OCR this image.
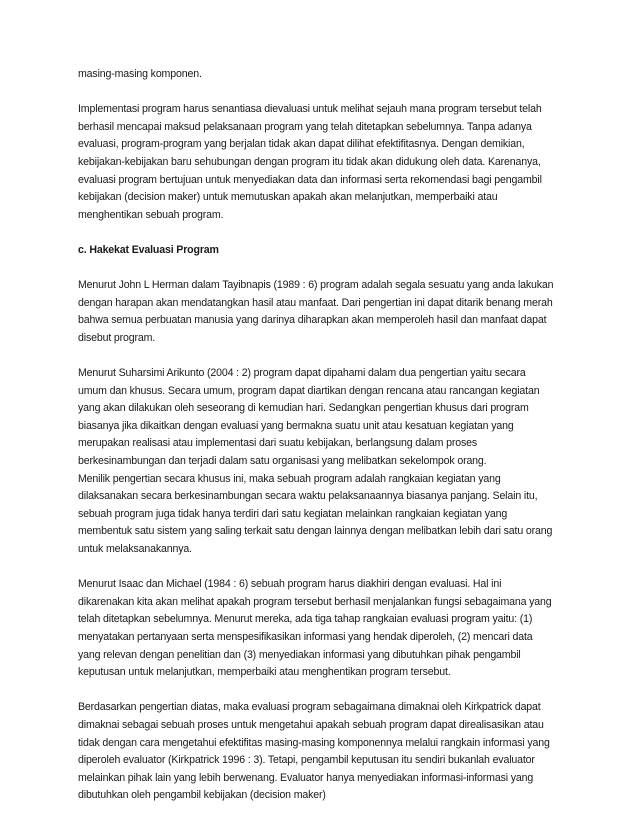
masing-masing komponen.

Implementasi program harus senantiasa dievaluasi untuk melihat sejauh mana program tersebut telah
berhasil mencapai maksud pelaksanaan program yang telah ditetapkan sebelumnya. Tanpa adanya
evaluasi, program-program yang berjalan tidak akan dapat dilihat efektifitasnya. Dengan demikian,
kebijakan-kebijakan baru sehubungan dengan program itu tidak akan didukung oleh data. Karenanya,
evaluasi program bertujuan untuk menyediakan data dan informasi serta rekomendasi bagi pengambil
kebijakan (decision maker) untuk memutuskan apakah akan melanjutkan, memperbaiki atau
menghentikan sebuah program.

c. Hakekat Evaluasi Program

Menurut John L Herman dalam Tayibnapis (1989 : 6) program adalah segala sesuatu yang anda lakukan
dengan harapan akan mendatangkan hasil atau manfaat. Dari pengertian ini dapat ditarik benang merah
bahwa semua perbuatan manusia yang darinya diharapkan akan memperoleh hasil dan manfaat dapat
disebut program.

Menurut Suharsimi Arikunto (2004 : 2) program dapat dipahami dalam dua pengertian yaitu secara
umum dan khusus. Secara umum, program dapat diartikan dengan rencana atau rancangan kegiatan
yang akan dilakukan oleh seseorang di kemudian hari. Sedangkan pengertian khusus dari program
biasanya jika dikaitkan dengan evaluasi yang bermakna suatu unit atau kesatuan kegiatan yang
merupakan realisasi atau implementasi dari suatu kebijakan, berlangsung dalam proses
berkesinambungan dan terjadi dalam satu organisasi yang melibatkan sekelompok orang.

Menilik pengertian secara khusus ini, maka sebuah program adalah rangkaian kegiatan yang
dilaksanakan secara berkesinambungan secara waktu pelaksanaannya biasanya panjang. Selain itu,
sebuah program juga tidak hanya terdiri dari satu kegiatan melainkan rangkaian kegiatan yang
membentuk satu sistem yang saling terkait satu dengan lainnya dengan melibatkan lebih dari satu orang
untuk melaksanakannya.

Menurut Isaac dan Michael (1984 : 6) sebuah program harus diakhiri dengan evaluasi. Hal ini
dikarenakan kita akan melihat apakah program tersebut berhasil menjalankan fungsi sebagaimana yang
telah ditetapkan sebelumnya. Menurut mereka, ada tiga tahap rangkaian evaluasi program yaitu: (1)
menyatakan pertanyaan serta menspesifikasikan informasi yang hendak diperoleh, (2) mencari data
yang relevan dengan penelitian dan (3) menyediakan informasi yang dibutuhkan pihak pengambil
keputusan untuk melanjutkan, memperbaiki atau menghentikan program tersebut.

Berdasarkan pengertian diatas, maka evaluasi program sebagaimana dimaknai oleh Kirkpatrick dapat
dimaknai sebagai sebuah proses untuk mengetahui apakah sebuah program dapat direalisasikan atau
tidak dengan cara mengetahui efektifitas masing-masing komponennya melalui rangkain informasi yang
diperoleh evaluator (Kirkpatrick 1996 : 3). Tetapi, pengambil keputusan itu sendiri bukanlah evaluator
melainkan pihak lain yang lebih berwenang. Evaluator hanya menyediakan informasi-informasi yang
dibutuhkan oleh pengambil kebijakan (decision maker)
